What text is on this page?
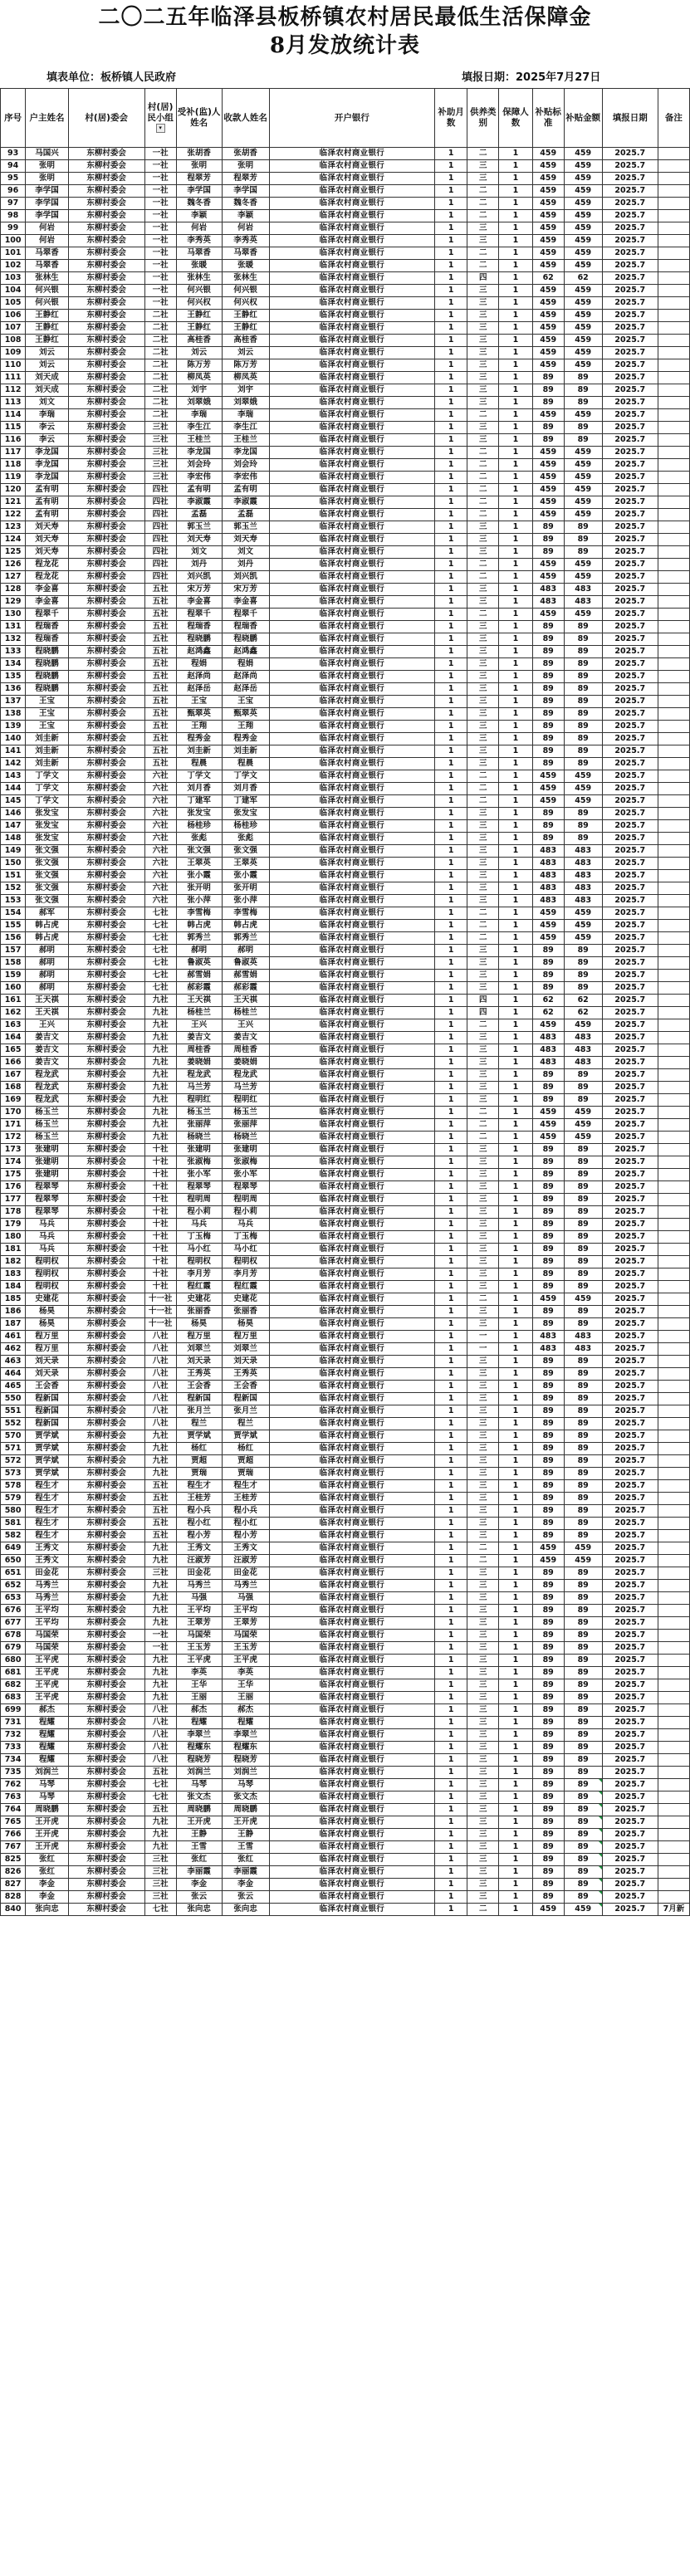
二〇二五年临泽县板桥镇农村居民最低生活保障金
8月发放统计表
填表单位：板桥镇人民政府	填报日期：2025年7月27日
序号	户主姓名	村(居)委会	村(居)民小组
▾	受补(监)人姓名	收款人姓名	开户银行	补助月数	供养类别	保障人数	补贴标准	补贴金额	填报日期	备注
93	马国兴	东柳村委会	一社	张胡香	张胡香	临泽农村商业银行	1	二	1	459	459	2025.7	
94	张明	东柳村委会	一社	张明	张明	临泽农村商业银行	1	三	1	459	459	2025.7	
95	张明	东柳村委会	一社	程翠芳	程翠芳	临泽农村商业银行	1	三	1	459	459	2025.7	
96	李学国	东柳村委会	一社	李学国	李学国	临泽农村商业银行	1	二	1	459	459	2025.7	
97	李学国	东柳村委会	一社	魏冬香	魏冬香	临泽农村商业银行	1	二	1	459	459	2025.7	
98	李学国	东柳村委会	一社	李颖	李颖	临泽农村商业银行	1	二	1	459	459	2025.7	
99	何岩	东柳村委会	一社	何岩	何岩	临泽农村商业银行	1	三	1	459	459	2025.7	
100	何岩	东柳村委会	一社	李秀英	李秀英	临泽农村商业银行	1	三	1	459	459	2025.7	
101	马翠香	东柳村委会	一社	马翠香	马翠香	临泽农村商业银行	1	二	1	459	459	2025.7	
102	马翠香	东柳村委会	一社	张暖	张暖	临泽农村商业银行	1	二	1	459	459	2025.7	
103	张林生	东柳村委会	一社	张林生	张林生	临泽农村商业银行	1	四	1	62	62	2025.7	
104	何兴银	东柳村委会	一社	何兴银	何兴银	临泽农村商业银行	1	三	1	459	459	2025.7	
105	何兴银	东柳村委会	一社	何兴权	何兴权	临泽农村商业银行	1	三	1	459	459	2025.7	
106	王静红	东柳村委会	二社	王静红	王静红	临泽农村商业银行	1	三	1	459	459	2025.7	
107	王静红	东柳村委会	二社	王静红	王静红	临泽农村商业银行	1	三	1	459	459	2025.7	
108	王静红	东柳村委会	二社	高桂香	高桂香	临泽农村商业银行	1	三	1	459	459	2025.7	
109	刘云	东柳村委会	二社	刘云	刘云	临泽农村商业银行	1	三	1	459	459	2025.7	
110	刘云	东柳村委会	二社	陈万芳	陈万芳	临泽农村商业银行	1	三	1	459	459	2025.7	
111	刘天成	东柳村委会	二社	柳凤英	柳凤英	临泽农村商业银行	1	三	1	89	89	2025.7	
112	刘天成	东柳村委会	二社	刘宇	刘宇	临泽农村商业银行	1	三	1	89	89	2025.7	
113	刘文	东柳村委会	二社	刘翠娥	刘翠娥	临泽农村商业银行	1	三	1	89	89	2025.7	
114	李瑞	东柳村委会	二社	李瑞	李瑞	临泽农村商业银行	1	二	1	459	459	2025.7	
115	李云	东柳村委会	三社	李生江	李生江	临泽农村商业银行	1	三	1	89	89	2025.7	
116	李云	东柳村委会	三社	王桂兰	王桂兰	临泽农村商业银行	1	三	1	89	89	2025.7	
117	李龙国	东柳村委会	三社	李龙国	李龙国	临泽农村商业银行	1	二	1	459	459	2025.7	
118	李龙国	东柳村委会	三社	刘会玲	刘会玲	临泽农村商业银行	1	二	1	459	459	2025.7	
119	李龙国	东柳村委会	三社	李宏伟	李宏伟	临泽农村商业银行	1	二	1	459	459	2025.7	
120	孟有明	东柳村委会	四社	孟有明	孟有明	临泽农村商业银行	1	二	1	459	459	2025.7	
121	孟有明	东柳村委会	四社	李淑霞	李淑霞	临泽农村商业银行	1	二	1	459	459	2025.7	
122	孟有明	东柳村委会	四社	孟磊	孟磊	临泽农村商业银行	1	二	1	459	459	2025.7	
123	刘天寿	东柳村委会	四社	郭玉兰	郭玉兰	临泽农村商业银行	1	三	1	89	89	2025.7	
124	刘天寿	东柳村委会	四社	刘天寿	刘天寿	临泽农村商业银行	1	三	1	89	89	2025.7	
125	刘天寿	东柳村委会	四社	刘文	刘文	临泽农村商业银行	1	三	1	89	89	2025.7	
126	程龙花	东柳村委会	四社	刘丹	刘丹	临泽农村商业银行	1	二	1	459	459	2025.7	
127	程龙花	东柳村委会	四社	刘兴凯	刘兴凯	临泽农村商业银行	1	二	1	459	459	2025.7	
128	李金喜	东柳村委会	五社	宋万芳	宋万芳	临泽农村商业银行	1	三	1	483	483	2025.7	
129	李金喜	东柳村委会	五社	李金喜	李金喜	临泽农村商业银行	1	三	1	483	483	2025.7	
130	程翠千	东柳村委会	五社	程翠千	程翠千	临泽农村商业银行	1	二	1	459	459	2025.7	
131	程瑞香	东柳村委会	五社	程瑞香	程瑞香	临泽农村商业银行	1	三	1	89	89	2025.7	
132	程瑞香	东柳村委会	五社	程晓鹏	程晓鹏	临泽农村商业银行	1	三	1	89	89	2025.7	
133	程晓鹏	东柳村委会	五社	赵鸿鑫	赵鸿鑫	临泽农村商业银行	1	三	1	89	89	2025.7	
134	程晓鹏	东柳村委会	五社	程娟	程娟	临泽农村商业银行	1	三	1	89	89	2025.7	
135	程晓鹏	东柳村委会	五社	赵泽尚	赵泽尚	临泽农村商业银行	1	三	1	89	89	2025.7	
136	程晓鹏	东柳村委会	五社	赵泽岳	赵泽岳	临泽农村商业银行	1	三	1	89	89	2025.7	
137	王宝	东柳村委会	五社	王宝	王宝	临泽农村商业银行	1	三	1	89	89	2025.7	
138	王宝	东柳村委会	五社	甄翠英	甄翠英	临泽农村商业银行	1	三	1	89	89	2025.7	
139	王宝	东柳村委会	五社	王翔	王翔	临泽农村商业银行	1	三	1	89	89	2025.7	
140	刘圭新	东柳村委会	五社	程秀金	程秀金	临泽农村商业银行	1	三	1	89	89	2025.7	
141	刘圭新	东柳村委会	五社	刘圭新	刘圭新	临泽农村商业银行	1	三	1	89	89	2025.7	
142	刘圭新	东柳村委会	五社	程晨	程晨	临泽农村商业银行	1	三	1	89	89	2025.7	
143	丁学文	东柳村委会	六社	丁学文	丁学文	临泽农村商业银行	1	二	1	459	459	2025.7	
144	丁学文	东柳村委会	六社	刘月香	刘月香	临泽农村商业银行	1	二	1	459	459	2025.7	
145	丁学文	东柳村委会	六社	丁建军	丁建军	临泽农村商业银行	1	二	1	459	459	2025.7	
146	张发宝	东柳村委会	六社	张发宝	张发宝	临泽农村商业银行	1	三	1	89	89	2025.7	
147	张发宝	东柳村委会	六社	杨桂珍	杨桂珍	临泽农村商业银行	1	三	1	89	89	2025.7	
148	张发宝	东柳村委会	六社	张彪	张彪	临泽农村商业银行	1	三	1	89	89	2025.7	
149	张文强	东柳村委会	六社	张文强	张文强	临泽农村商业银行	1	三	1	483	483	2025.7	
150	张文强	东柳村委会	六社	王翠英	王翠英	临泽农村商业银行	1	三	1	483	483	2025.7	
151	张文强	东柳村委会	六社	张小霞	张小霞	临泽农村商业银行	1	三	1	483	483	2025.7	
152	张文强	东柳村委会	六社	张开明	张开明	临泽农村商业银行	1	三	1	483	483	2025.7	
153	张文强	东柳村委会	六社	张小萍	张小萍	临泽农村商业银行	1	三	1	483	483	2025.7	
154	郝军	东柳村委会	七社	李雪梅	李雪梅	临泽农村商业银行	1	二	1	459	459	2025.7	
155	韩占虎	东柳村委会	七社	韩占虎	韩占虎	临泽农村商业银行	1	二	1	459	459	2025.7	
156	韩占虎	东柳村委会	七社	郭秀兰	郭秀兰	临泽农村商业银行	1	二	1	459	459	2025.7	
157	郝明	东柳村委会	七社	郝明	郝明	临泽农村商业银行	1	三	1	89	89	2025.7	
158	郝明	东柳村委会	七社	鲁淑英	鲁淑英	临泽农村商业银行	1	三	1	89	89	2025.7	
159	郝明	东柳村委会	七社	郝雪娟	郝雪娟	临泽农村商业银行	1	三	1	89	89	2025.7	
160	郝明	东柳村委会	七社	郝彩霞	郝彩霞	临泽农村商业银行	1	三	1	89	89	2025.7	
161	王天祺	东柳村委会	九社	王天祺	王天祺	临泽农村商业银行	1	四	1	62	62	2025.7	
162	王天祺	东柳村委会	九社	杨桂兰	杨桂兰	临泽农村商业银行	1	四	1	62	62	2025.7	
163	王兴	东柳村委会	九社	王兴	王兴	临泽农村商业银行	1	二	1	459	459	2025.7	
164	姜吉文	东柳村委会	九社	姜吉文	姜吉文	临泽农村商业银行	1	三	1	483	483	2025.7	
165	姜吉文	东柳村委会	九社	周桂香	周桂香	临泽农村商业银行	1	三	1	483	483	2025.7	
166	姜吉文	东柳村委会	九社	姜晓娟	姜晓娟	临泽农村商业银行	1	三	1	483	483	2025.7	
167	程龙武	东柳村委会	九社	程龙武	程龙武	临泽农村商业银行	1	三	1	89	89	2025.7	
168	程龙武	东柳村委会	九社	马兰芳	马兰芳	临泽农村商业银行	1	三	1	89	89	2025.7	
169	程龙武	东柳村委会	九社	程明红	程明红	临泽农村商业银行	1	三	1	89	89	2025.7	
170	杨玉兰	东柳村委会	九社	杨玉兰	杨玉兰	临泽农村商业银行	1	二	1	459	459	2025.7	
171	杨玉兰	东柳村委会	九社	张丽萍	张丽萍	临泽农村商业银行	1	二	1	459	459	2025.7	
172	杨玉兰	东柳村委会	九社	杨晓兰	杨晓兰	临泽农村商业银行	1	二	1	459	459	2025.7	
173	张建明	东柳村委会	十社	张建明	张建明	临泽农村商业银行	1	三	1	89	89	2025.7	
174	张建明	东柳村委会	十社	张淑梅	张淑梅	临泽农村商业银行	1	三	1	89	89	2025.7	
175	张建明	东柳村委会	十社	张小军	张小军	临泽农村商业银行	1	三	1	89	89	2025.7	
176	程翠琴	东柳村委会	十社	程翠琴	程翠琴	临泽农村商业银行	1	三	1	89	89	2025.7	
177	程翠琴	东柳村委会	十社	程明周	程明周	临泽农村商业银行	1	三	1	89	89	2025.7	
178	程翠琴	东柳村委会	十社	程小莉	程小莉	临泽农村商业银行	1	三	1	89	89	2025.7	
179	马兵	东柳村委会	十社	马兵	马兵	临泽农村商业银行	1	三	1	89	89	2025.7	
180	马兵	东柳村委会	十社	丁玉梅	丁玉梅	临泽农村商业银行	1	三	1	89	89	2025.7	
181	马兵	东柳村委会	十社	马小红	马小红	临泽农村商业银行	1	三	1	89	89	2025.7	
182	程明权	东柳村委会	十社	程明权	程明权	临泽农村商业银行	1	三	1	89	89	2025.7	
183	程明权	东柳村委会	十社	李月芳	李月芳	临泽农村商业银行	1	三	1	89	89	2025.7	
184	程明权	东柳村委会	十社	程红霞	程红霞	临泽农村商业银行	1	三	1	89	89	2025.7	
185	史建花	东柳村委会	十一社	史建花	史建花	临泽农村商业银行	1	二	1	459	459	2025.7	
186	杨昊	东柳村委会	十一社	张丽香	张丽香	临泽农村商业银行	1	三	1	89	89	2025.7	
187	杨昊	东柳村委会	十一社	杨昊	杨昊	临泽农村商业银行	1	三	1	89	89	2025.7	
461	程万里	东柳村委会	八社	程万里	程万里	临泽农村商业银行	1	一	1	483	483	2025.7	
462	程万里	东柳村委会	八社	刘翠兰	刘翠兰	临泽农村商业银行	1	一	1	483	483	2025.7	
463	刘天录	东柳村委会	八社	刘天录	刘天录	临泽农村商业银行	1	三	1	89	89	2025.7	
464	刘天录	东柳村委会	八社	王秀英	王秀英	临泽农村商业银行	1	三	1	89	89	2025.7	
465	王会香	东柳村委会	八社	王会香	王会香	临泽农村商业银行	1	三	1	89	89	2025.7	
550	程新国	东柳村委会	八社	程新国	程新国	临泽农村商业银行	1	三	1	89	89	2025.7	
551	程新国	东柳村委会	八社	张月兰	张月兰	临泽农村商业银行	1	三	1	89	89	2025.7	
552	程新国	东柳村委会	八社	程兰	程兰	临泽农村商业银行	1	三	1	89	89	2025.7	
570	贾学斌	东柳村委会	九社	贾学斌	贾学斌	临泽农村商业银行	1	三	1	89	89	2025.7	
571	贾学斌	东柳村委会	九社	杨红	杨红	临泽农村商业银行	1	三	1	89	89	2025.7	
572	贾学斌	东柳村委会	九社	贾超	贾超	临泽农村商业银行	1	三	1	89	89	2025.7	
573	贾学斌	东柳村委会	九社	贾瑞	贾瑞	临泽农村商业银行	1	三	1	89	89	2025.7	
578	程生才	东柳村委会	五社	程生才	程生才	临泽农村商业银行	1	三	1	89	89	2025.7	
579	程生才	东柳村委会	五社	王桂芳	王桂芳	临泽农村商业银行	1	三	1	89	89	2025.7	
580	程生才	东柳村委会	五社	程小兵	程小兵	临泽农村商业银行	1	三	1	89	89	2025.7	
581	程生才	东柳村委会	五社	程小红	程小红	临泽农村商业银行	1	三	1	89	89	2025.7	
582	程生才	东柳村委会	五社	程小芳	程小芳	临泽农村商业银行	1	三	1	89	89	2025.7	
649	王秀文	东柳村委会	九社	王秀文	王秀文	临泽农村商业银行	1	二	1	459	459	2025.7	
650	王秀文	东柳村委会	九社	汪淑芳	汪淑芳	临泽农村商业银行	1	二	1	459	459	2025.7	
651	田金花	东柳村委会	三社	田金花	田金花	临泽农村商业银行	1	三	1	89	89	2025.7	
652	马秀兰	东柳村委会	九社	马秀兰	马秀兰	临泽农村商业银行	1	三	1	89	89	2025.7	
653	马秀兰	东柳村委会	九社	马强	马强	临泽农村商业银行	1	三	1	89	89	2025.7	
676	王平均	东柳村委会	九社	王平均	王平均	临泽农村商业银行	1	三	1	89	89	2025.7	
677	王平均	东柳村委会	九社	王翠芳	王翠芳	临泽农村商业银行	1	三	1	89	89	2025.7	
678	马国荣	东柳村委会	一社	马国荣	马国荣	临泽农村商业银行	1	三	1	89	89	2025.7	
679	马国荣	东柳村委会	一社	王玉芳	王玉芳	临泽农村商业银行	1	三	1	89	89	2025.7	
680	王平虎	东柳村委会	九社	王平虎	王平虎	临泽农村商业银行	1	三	1	89	89	2025.7	
681	王平虎	东柳村委会	九社	李英	李英	临泽农村商业银行	1	三	1	89	89	2025.7	
682	王平虎	东柳村委会	九社	王华	王华	临泽农村商业银行	1	三	1	89	89	2025.7	
683	王平虎	东柳村委会	九社	王丽	王丽	临泽农村商业银行	1	三	1	89	89	2025.7	
699	郝杰	东柳村委会	八社	郝杰	郝杰	临泽农村商业银行	1	三	1	89	89	2025.7	
731	程耀	东柳村委会	八社	程耀	程耀	临泽农村商业银行	1	三	1	89	89	2025.7	
732	程耀	东柳村委会	八社	李翠兰	李翠兰	临泽农村商业银行	1	三	1	89	89	2025.7	
733	程耀	东柳村委会	八社	程耀东	程耀东	临泽农村商业银行	1	三	1	89	89	2025.7	
734	程耀	东柳村委会	八社	程晓芳	程晓芳	临泽农村商业银行	1	三	1	89	89	2025.7	
735	刘润兰	东柳村委会	五社	刘润兰	刘润兰	临泽农村商业银行	1	三	1	89	89	2025.7	
762	马琴	东柳村委会	七社	马琴	马琴	临泽农村商业银行	1	三	1	89	89	2025.7	
763	马琴	东柳村委会	七社	张文杰	张文杰	临泽农村商业银行	1	三	1	89	89	2025.7	
764	周晓鹏	东柳村委会	五社	周晓鹏	周晓鹏	临泽农村商业银行	1	三	1	89	89	2025.7	
765	王开虎	东柳村委会	九社	王开虎	王开虎	临泽农村商业银行	1	三	1	89	89	2025.7	
766	王开虎	东柳村委会	九社	王静	王静	临泽农村商业银行	1	三	1	89	89	2025.7	
767	王开虎	东柳村委会	九社	王雪	王雪	临泽农村商业银行	1	三	1	89	89	2025.7	
825	张红	东柳村委会	三社	张红	张红	临泽农村商业银行	1	三	1	89	89	2025.7	
826	张红	东柳村委会	三社	李丽霞	李丽霞	临泽农村商业银行	1	三	1	89	89	2025.7	
827	李金	东柳村委会	三社	李金	李金	临泽农村商业银行	1	三	1	89	89	2025.7	
828	李金	东柳村委会	三社	张云	张云	临泽农村商业银行	1	三	1	89	89	2025.7	
840	张向忠	东柳村委会	七社	张向忠	张向忠	临泽农村商业银行	1	二	1	459	459	2025.7	7月新
